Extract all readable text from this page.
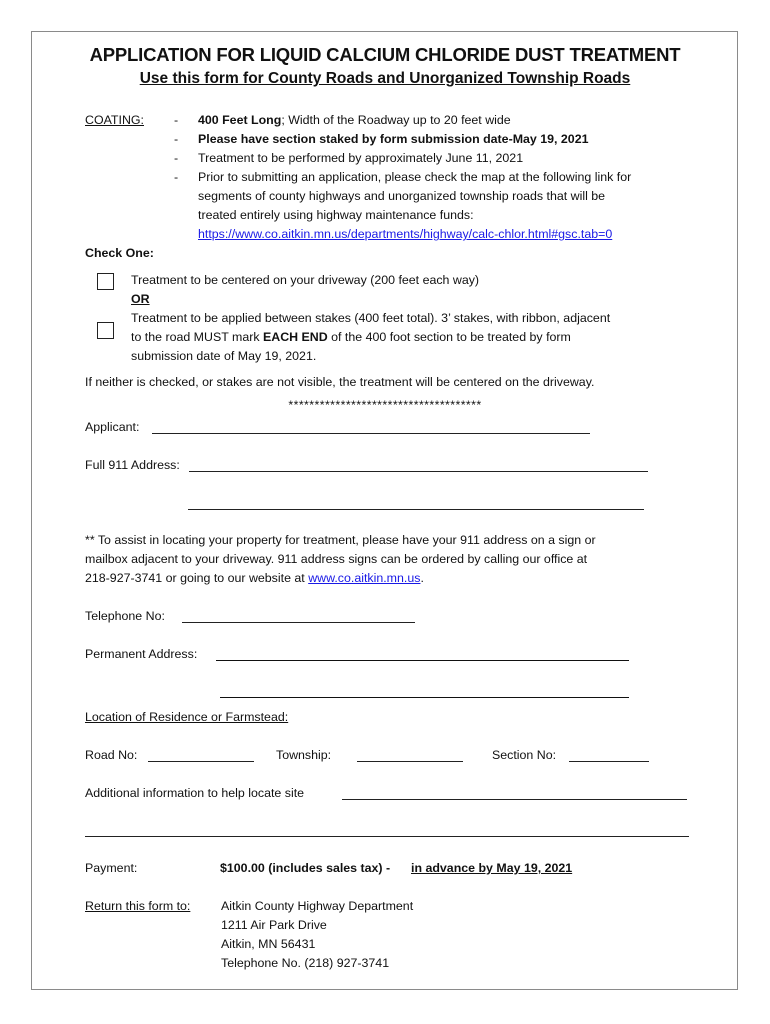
APPLICATION FOR LIQUID CALCIUM CHLORIDE DUST TREATMENT
Use this form for County Roads and Unorganized Township Roads
COATING: - 400 Feet Long; Width of the Roadway up to 20 feet wide
- Please have section staked by form submission date-May 19, 2021
- Treatment to be performed by approximately June 11, 2021
- Prior to submitting an application, please check the map at the following link for
segments of county highways and unorganized township roads that will be
treated entirely using highway maintenance funds:
https://www.co.aitkin.mn.us/departments/highway/calc-chlor.html#gsc.tab=0
Check One:
Treatment to be centered on your driveway (200 feet each way)
OR
Treatment to be applied between stakes (400 feet total). 3’ stakes, with ribbon, adjacent
to the road MUST mark EACH END of the 400 foot section to be treated by form
submission date of May 19, 2021.
If neither is checked, or stakes are not visible, the treatment will be centered on the driveway.
*************************************
Applicant:
Full 911 Address:
** To assist in locating your property for treatment, please have your 911 address on a sign or
mailbox adjacent to your driveway. 911 address signs can be ordered by calling our office at
218-927-3741 or going to our website at www.co.aitkin.mn.us.
Telephone No:
Permanent Address:
Location of Residence or Farmstead:
Road No:	Township:	Section No:
Additional information to help locate site
Payment:	$100.00 (includes sales tax) - in advance by May 19, 2021
Return this form to: Aitkin County Highway Department
1211 Air Park Drive
Aitkin, MN 56431
Telephone No. (218) 927-3741
